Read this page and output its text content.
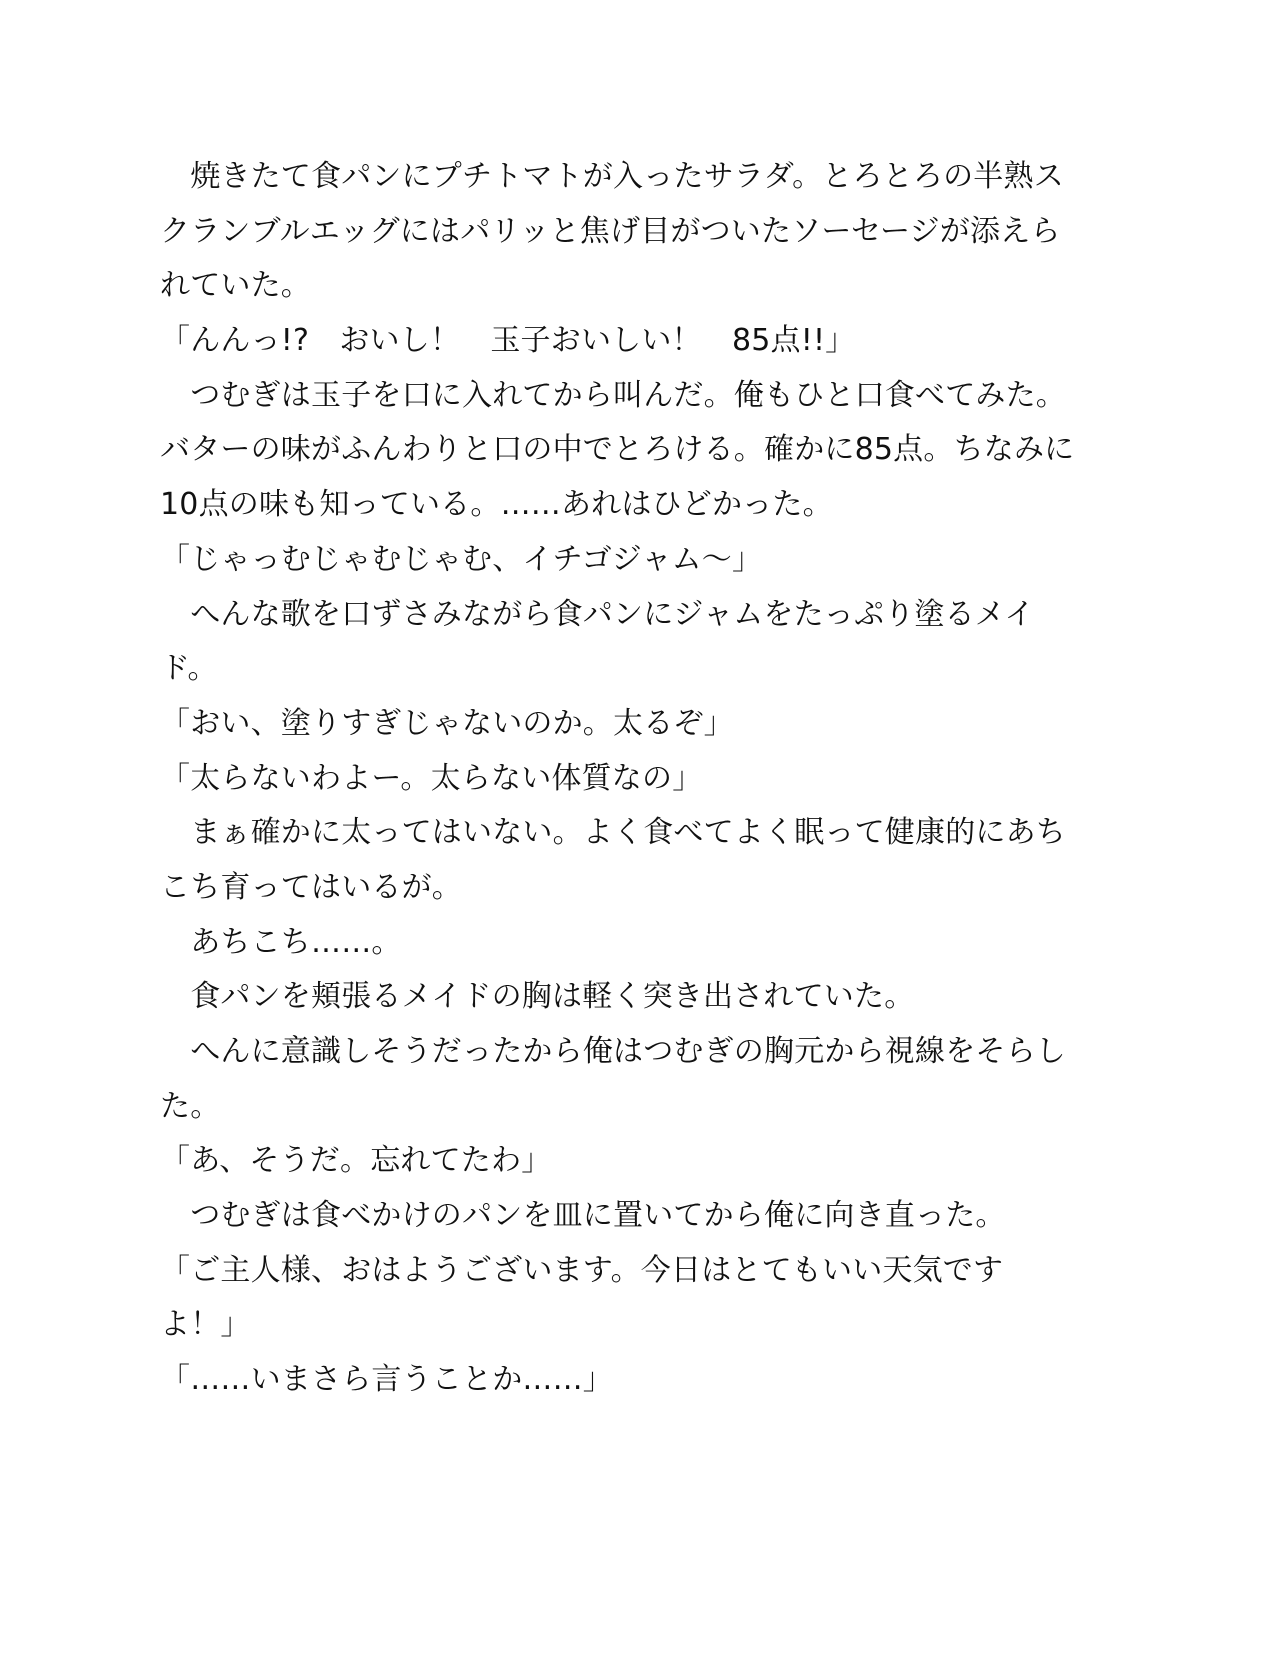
　焼きたて食パンにプチトマトが入ったサラダ。とろとろの半熟ス
クランブルエッグにはパリッと焦げ目がついたソーセージが添えら
れていた。
「んんっ!?　おいし！　玉子おいしい！　85点!!」
　つむぎは玉子を口に入れてから叫んだ。俺もひと口食べてみた。
バターの味がふんわりと口の中でとろける。確かに85点。ちなみに
10点の味も知っている。……あれはひどかった。
「じゃっむじゃむじゃむ、イチゴジャム～」
　へんな歌を口ずさみながら食パンにジャムをたっぷり塗るメイ
ド。
「おい、塗りすぎじゃないのか。太るぞ」
「太らないわよー。太らない体質なの」
　まぁ確かに太ってはいない。よく食べてよく眠って健康的にあち
こち育ってはいるが。
　あちこち……。
　食パンを頬張るメイドの胸は軽く突き出されていた。
　へんに意識しそうだったから俺はつむぎの胸元から視線をそらし
た。
「あ、そうだ。忘れてたわ」
　つむぎは食べかけのパンを皿に置いてから俺に向き直った。
「ご主人様、おはようございます。今日はとてもいい天気です
よ！」
「……いまさら言うことか……」
